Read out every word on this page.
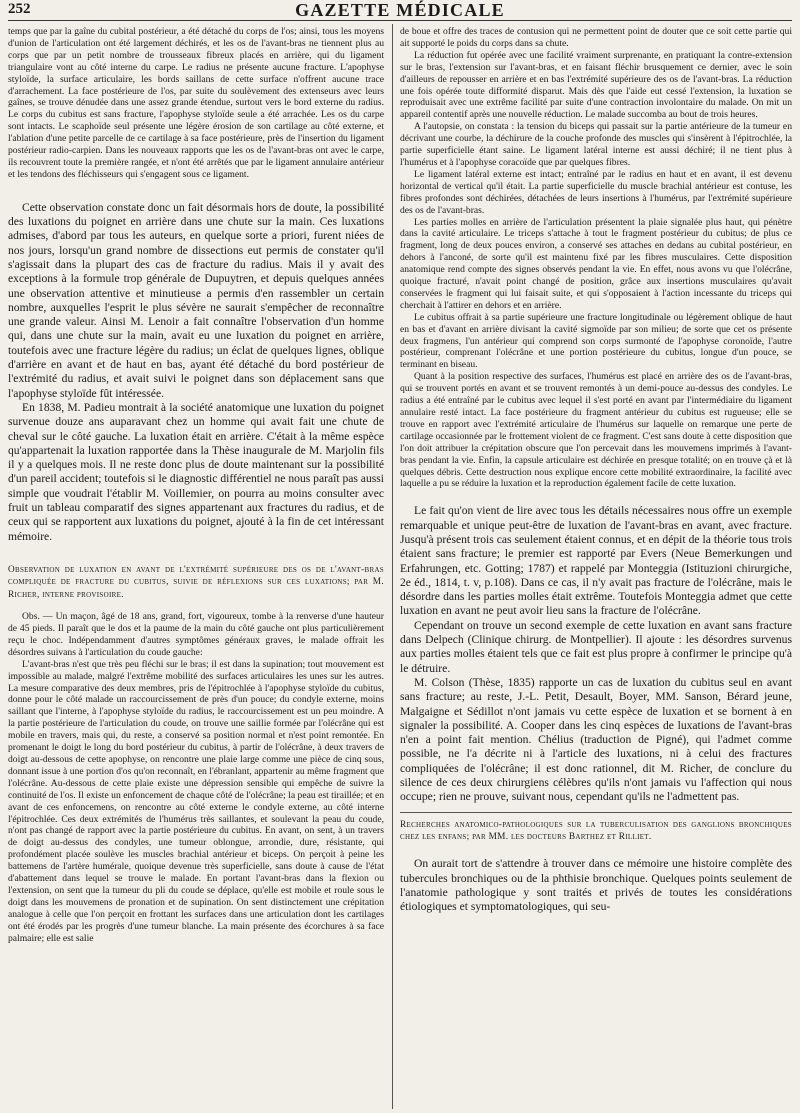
252	GAZETTE MÉDICALE

temps que par la gaîne du cubital postérieur, a été détaché du corps de l'os; ainsi, tous les moyens d'union de l'articulation ont été largement déchirés, et les os de l'avant-bras ne tiennent plus au corps que par un petit nombre de trousseaux fibreux placés en arrière, qui du ligament triangulaire vont au côté interne du carpe. Le radius ne présente aucune fracture. L'apophyse styloïde, la surface articulaire, les bords saillans de cette surface n'offrent aucune trace d'arrachement. La face postérieure de l'os, par suite du soulèvement des extenseurs avec leurs gaînes, se trouve dénudée dans une assez grande étendue, surtout vers le bord externe du radius. Le corps du cubitus est sans fracture, l'apophyse styloïde seule a été arrachée. Les os du carpe sont intacts. Le scaphoïde seul présente une légère érosion de son cartilage au côté externe, et l'ablation d'une petite parcelle de ce cartilage à sa face postérieure, près de l'insertion du ligament postérieur radio-carpien. Dans les nouveaux rapports que les os de l'avant-bras ont avec le carpe, ils recouvrent toute la première rangée, et n'ont été arrêtés que par le ligament annulaire antérieur et les tendons des fléchisseurs qui s'engagent sous ce ligament.

Cette observation constate donc un fait désormais hors de doute, la possibilité des luxations du poignet en arrière dans une chute sur la main. Ces luxations admises, d'abord par tous les auteurs, en quelque sorte a priori, furent niées de nos jours, lorsqu'un grand nombre de dissections eut permis de constater qu'il s'agissait dans la plupart des cas de fracture du radius. Mais il y avait des exceptions à la formule trop générale de Dupuytren, et depuis quelques années une observation attentive et minutieuse a permis d'en rassembler un certain nombre, auxquelles l'esprit le plus sévère ne saurait s'empêcher de reconnaître une grande valeur. Ainsi M. Lenoir a fait connaître l'observation d'un homme qui, dans une chute sur la main, avait eu une luxation du poignet en arrière, toutefois avec une fracture légère du radius; un éclat de quelques lignes, oblique d'arrière en avant et de haut en bas, ayant été détaché du bord postérieur de l'extrémité du radius, et avait suivi le poignet dans son déplacement sans que l'apophyse styloïde fût intéressée.

En 1838, M. Padieu montrait à la société anatomique une luxation du poignet survenue douze ans auparavant chez un homme qui avait fait une chute de cheval sur le côté gauche. La luxation était en arrière. C'était à la même espèce qu'appartenait la luxation rapportée dans la Thèse inaugurale de M. Marjolin fils il y a quelques mois. Il ne reste donc plus de doute maintenant sur la possibilité d'un pareil accident; toutefois si le diagnostic différentiel ne nous paraît pas aussi simple que voudrait l'établir M. Voillemier, on pourra au moins consulter avec fruit un tableau comparatif des signes appartenant aux fractures du radius, et de ceux qui se rapportent aux luxations du poignet, ajouté à la fin de cet intéressant mémoire.

Observation de luxation en avant de l'extrémité supérieure des os de l'avant-bras compliquée de fracture du cubitus, suivie de réflexions sur ces luxations; par M. Richer, interne provisoire.

Obs. — Un maçon, âgé de 18 ans, grand, fort, vigoureux, tombe à la renverse d'une hauteur de 45 pieds. Il paraît que le dos et la paume de la main du côté gauche ont plus particulièrement reçu le choc. Indépendamment d'autres symptômes généraux graves, le malade offrait les désordres suivans à l'articulation du coude gauche:

L'avant-bras n'est que très peu fléchi sur le bras; il est dans la supination; tout mouvement est impossible au malade, malgré l'extrême mobilité des surfaces articulaires les unes sur les autres. La mesure comparative des deux membres, pris de l'épitrochlée à l'apophyse styloïde du cubitus, donne pour le côté malade un raccourcissement de près d'un pouce; du condyle externe, moins saillant que l'interne, à l'apophyse styloïde du radius, le raccourcissement est un peu moindre. A la partie postérieure de l'articulation du coude, on trouve une saillie formée par l'olécrâne qui est mobile en travers, mais qui, du reste, a conservé sa position normal et n'est point remontée. En promenant le doigt le long du bord postérieur du cubitus, à partir de l'olécrâne, à deux travers de doigt au-dessous de cette apophyse, on rencontre une plaie large comme une pièce de cinq sous, donnant issue à une portion d'os qu'on reconnaît, en l'ébranlant, appartenir au même fragment que l'olécrâne. Au-dessous de cette plaie existe une dépression sensible qui empêche de suivre la continuité de l'os. Il existe un enfoncement de chaque côté de l'olécrâne; la peau est tiraillée; et en avant de ces enfoncemens, on rencontre au côté externe le condyle externe, au côté interne l'épitrochlée. Ces deux extrémités de l'humérus très saillantes, et soulevant la peau du coude, n'ont pas changé de rapport avec la partie postérieure du cubitus. En avant, on sent, à un travers de doigt au-dessus des condyles, une tumeur oblongue, arrondie, dure, résistante, qui profondément placée soulève les muscles brachial antérieur et biceps. On perçoit à peine les battemens de l'artère humérale, quoique devenue très superficielle, sans doute à cause de l'état d'abattement dans lequel se trouve le malade. En portant l'avant-bras dans la flexion ou l'extension, on sent que la tumeur du pli du coude se déplace, qu'elle est mobile et roule sous le doigt dans les mouvemens de pronation et de supination. On sent distinctement une crépitation analogue à celle que l'on perçoit en frottant les surfaces dans une articulation dont les cartilages ont été érodés par les progrès d'une tumeur blanche. La main présente des écorchures à sa face palmaire; elle est salie

de boue et offre des traces de contusion qui ne permettent point de douter que ce soit cette partie qui ait supporté le poids du corps dans sa chute.

La réduction fut opérée avec une facilité vraiment surprenante, en pratiquant la contre-extension sur le bras, l'extension sur l'avant-bras, et en faisant fléchir brusquement ce dernier, avec le soin d'ailleurs de repousser en arrière et en bas l'extrémité supérieure des os de l'avant-bras. La réduction une fois opérée toute difformité disparut. Mais dès que l'aide eut cessé l'extension, la luxation se reproduisait avec une extrême facilité par suite d'une contraction involontaire du malade. On mit un appareil contentif après une nouvelle réduction. Le malade succomba au bout de trois heures.

A l'autopsie, on constata : la tension du biceps qui passait sur la partie antérieure de la tumeur en décrivant une courbe, la déchirure de la couche profonde des muscles qui s'insèrent à l'épitrochlée, la partie superficielle étant saine. Le ligament latéral interne est aussi déchiré; il ne tient plus à l'humérus et à l'apophyse coracoïde que par quelques fibres.

Le ligament latéral externe est intact; entraîné par le radius en haut et en avant, il est devenu horizontal de vertical qu'il était. La partie superficielle du muscle brachial antérieur est contuse, les fibres profondes sont déchirées, détachées de leurs insertions à l'humérus, par l'extrémité supérieure des os de l'avant-bras.

Les parties molles en arrière de l'articulation présentent la plaie signalée plus haut, qui pénètre dans la cavité articulaire. Le triceps s'attache à tout le fragment postérieur du cubitus; de plus ce fragment, long de deux pouces environ, a conservé ses attaches en dedans au cubital postérieur, en dehors à l'anconé, de sorte qu'il est maintenu fixé par les fibres musculaires. Cette disposition anatomique rend compte des signes observés pendant la vie. En effet, nous avons vu que l'olécrâne, quoique fracturé, n'avait point changé de position, grâce aux insertions musculaires qu'avait conservées le fragment qui lui faisait suite, et qui s'opposaient à l'action incessante du triceps qui cherchait à l'attirer en dehors et en arrière.

Le cubitus offrait à sa partie supérieure une fracture longitudinale ou légèrement oblique de haut en bas et d'avant en arrière divisant la cavité sigmoïde par son milieu; de sorte que cet os présente deux fragmens, l'un antérieur qui comprend son corps surmonté de l'apophyse coronoïde, l'autre postérieur, comprenant l'olécrâne et une portion postérieure du cubitus, longue d'un pouce, se terminant en biseau.

Quant à la position respective des surfaces, l'humérus est placé en arrière des os de l'avant-bras, qui se trouvent portés en avant et se trouvent remontés à un demi-pouce au-dessus des condyles. Le radius a été entraîné par le cubitus avec lequel il s'est porté en avant par l'intermédiaire du ligament annulaire resté intact. La face postérieure du fragment antérieur du cubitus est rugueuse; elle se trouve en rapport avec l'extrémité articulaire de l'humérus sur laquelle on remarque une perte de cartilage occasionnée par le frottement violent de ce fragment. C'est sans doute à cette disposition que l'on doit attribuer la crépitation obscure que l'on percevait dans les mouvemens imprimés à l'avant-bras pendant la vie. Enfin, la capsule articulaire est déchirée en presque totalité; on en trouve çà et là quelques débris. Cette destruction nous explique encore cette mobilité extraordinaire, la facilité avec laquelle a pu se réduire la luxation et la reproduction également facile de cette luxation.

Le fait qu'on vient de lire avec tous les détails nécessaires nous offre un exemple remarquable et unique peut-être de luxation de l'avant-bras en avant, avec fracture. Jusqu'à présent trois cas seulement étaient connus, et en dépit de la théorie tous trois étaient sans fracture; le premier est rapporté par Evers (Neue Bemerkungen und Erfahrungen, etc. Gotting; 1787) et rappelé par Monteggia (Istituzioni chirurgiche, 2e éd., 1814, t. v, p.108). Dans ce cas, il n'y avait pas fracture de l'olécrâne, mais le désordre dans les parties molles était extrême. Toutefois Monteggia admet que cette luxation en avant ne peut avoir lieu sans la fracture de l'olécrâne.

Cependant on trouve un second exemple de cette luxation en avant sans fracture dans Delpech (Clinique chirurg. de Montpellier). Il ajoute : les désordres survenus aux parties molles étaient tels que ce fait est plus propre à confirmer le principe qu'à le détruire.

M. Colson (Thèse, 1835) rapporte un cas de luxation du cubitus seul en avant sans fracture; au reste, J.-L. Petit, Desault, Boyer, MM. Sanson, Bérard jeune, Malgaigne et Sédillot n'ont jamais vu cette espèce de luxation et se bornent à en signaler la possibilité. A. Cooper dans les cinq espèces de luxations de l'avant-bras n'en a point fait mention. Chélius (traduction de Pigné), qui l'admet comme possible, ne l'a décrite ni à l'article des luxations, ni à celui des fractures compliquées de l'olécrâne; il est donc rationnel, dit M. Richer, de conclure du silence de ces deux chirurgiens célèbres qu'ils n'ont jamais vu l'affection qui nous occupe; rien ne prouve, suivant nous, cependant qu'ils ne l'admettent pas.

Recherches anatomico-pathologiques sur la tuberculisation des ganglions bronchiques chez les enfans; par MM. les docteurs Barthez et Rilliet.

On aurait tort de s'attendre à trouver dans ce mémoire une histoire complète des tubercules bronchiques ou de la phthisie bronchique. Quelques points seulement de l'anatomie pathologique y sont traités et privés de toutes les considérations étiologiques et symptomatologiques, qui seu-
